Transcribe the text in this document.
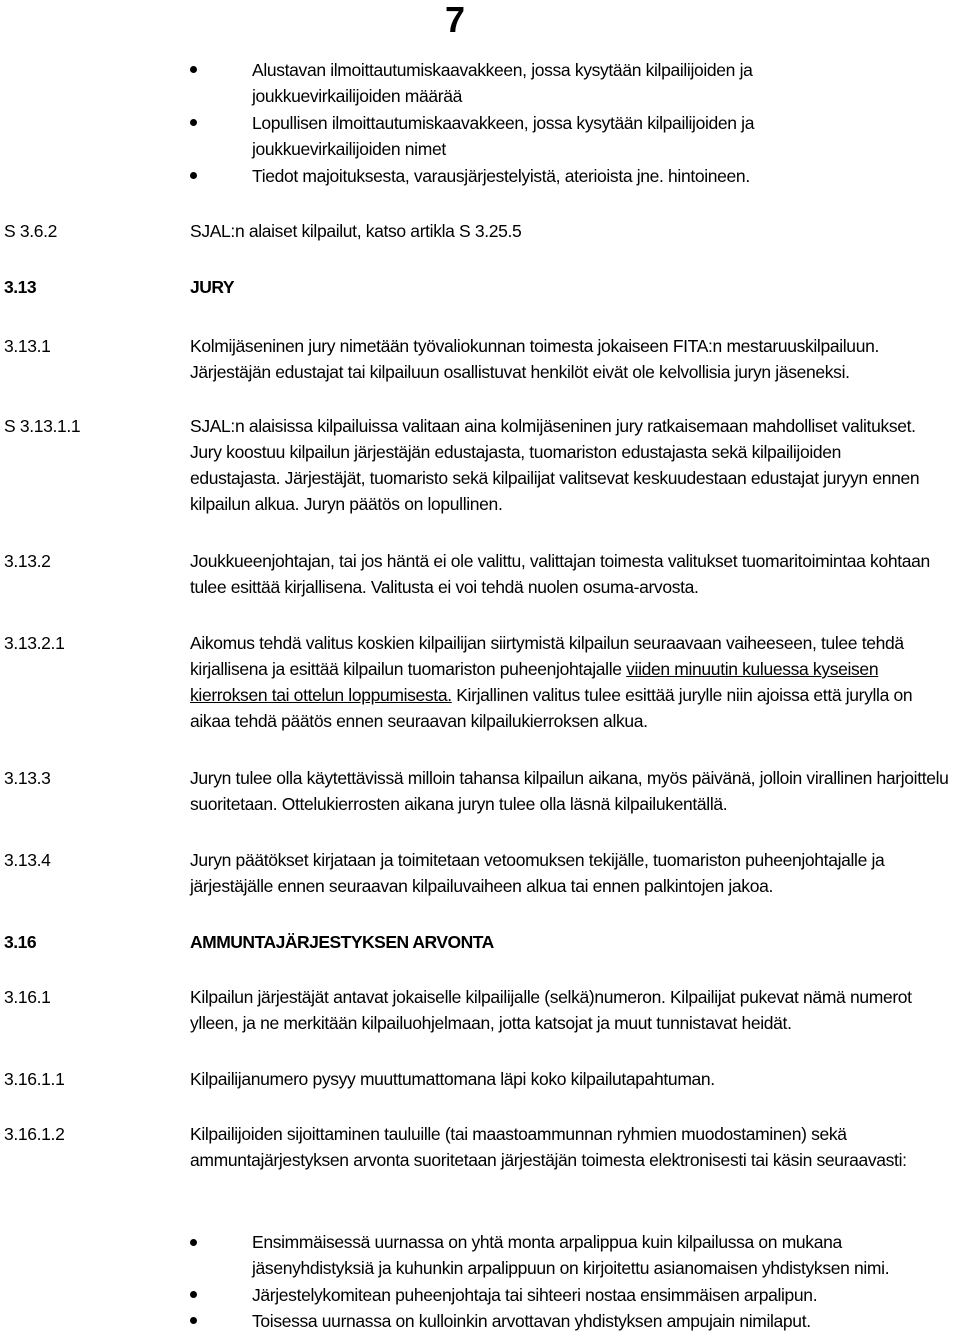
7
Alustavan ilmoittautumiskaavakkeen, jossa kysytään kilpailijoiden ja joukkuevirkailijoiden määrää
Lopullisen ilmoittautumiskaavakkeen, jossa kysytään kilpailijoiden ja joukkuevirkailijoiden nimet
Tiedot majoituksesta, varausjärjestelyistä, aterioista jne. hintoineen.
S 3.6.2	SJAL:n alaiset kilpailut, katso artikla S 3.25.5
3.13	JURY
3.13.1	Kolmijäseninen jury nimetään työvaliokunnan toimesta jokaiseen FITA:n mestaruuskilpailuun. Järjestäjän edustajat tai kilpailuun osallistuvat henkilöt eivät ole kelvollisia juryn jäseneksi.
S 3.13.1.1	SJAL:n alaisissa kilpailuissa valitaan aina kolmijäseninen jury ratkaisemaan mahdolliset valitukset. Jury koostuu kilpailun järjestäjän edustajasta, tuomariston edustajasta sekä kilpailijoiden edustajasta. Järjestäjät, tuomaristo sekä kilpailijat valitsevat keskuudestaan edustajat juryyn ennen kilpailun alkua. Juryn päätös on lopullinen.
3.13.2	Joukkueenjohtajan, tai jos häntä ei ole valittu, valittajan toimesta valitukset tuomaritoimintaa kohtaan tulee esittää kirjallisena. Valitusta ei voi tehdä nuolen osuma-arvosta.
3.13.2.1	Aikomus tehdä valitus koskien kilpailijan siirtymistä kilpailun seuraavaan vaiheeseen, tulee tehdä kirjallisena ja esittää kilpailun tuomariston puheenjohtajalle viiden minuutin kuluessa kyseisen kierroksen tai ottelun loppumisesta. Kirjallinen valitus tulee esittää jurylle niin ajoissa että jurylla on aikaa tehdä päätös ennen seuraavan kilpailukierroksen alkua.
3.13.3	Juryn tulee olla käytettävissä milloin tahansa kilpailun aikana, myös päivänä, jolloin virallinen harjoittelu suoritetaan. Ottelukierrosten aikana juryn tulee olla läsnä kilpailukentällä.
3.13.4	Juryn päätökset kirjataan ja toimitetaan vetoomuksen tekijälle, tuomariston puheenjohtajalle ja järjestäjälle ennen seuraavan kilpailuvaiheen alkua tai ennen palkintojen jakoa.
3.16	AMMUNTAJÄRJESTYKSEN ARVONTA
3.16.1	Kilpailun järjestäjät antavat jokaiselle kilpailijalle (selkä)numeron. Kilpailijat pukevat nämä numerot ylleen, ja ne merkitään kilpailuohjelmaan, jotta katsojat ja muut tunnistavat heidät.
3.16.1.1	Kilpailijanumero pysyy muuttumattomana läpi koko kilpailutapahtuman.
3.16.1.2	Kilpailijoiden sijoittaminen tauluille (tai maastoammunnan ryhmien muodostaminen) sekä ammuntajärjestyksen arvonta suoritetaan järjestäjän toimesta elektronisesti tai käsin seuraavasti:
Ensimmäisessä uurnassa on yhtä monta arpalippua kuin kilpailussa on mukana jäsenyhdistyksiä ja kuhunkin arpalippuun on kirjoitettu asianomaisen yhdistyksen nimi.
Järjestelykomitean puheenjohtaja tai sihteeri nostaa ensimmäisen arpalipun.
Toisessa uurnassa on kulloinkin arvottavan yhdistyksen ampujain nimilaput.
